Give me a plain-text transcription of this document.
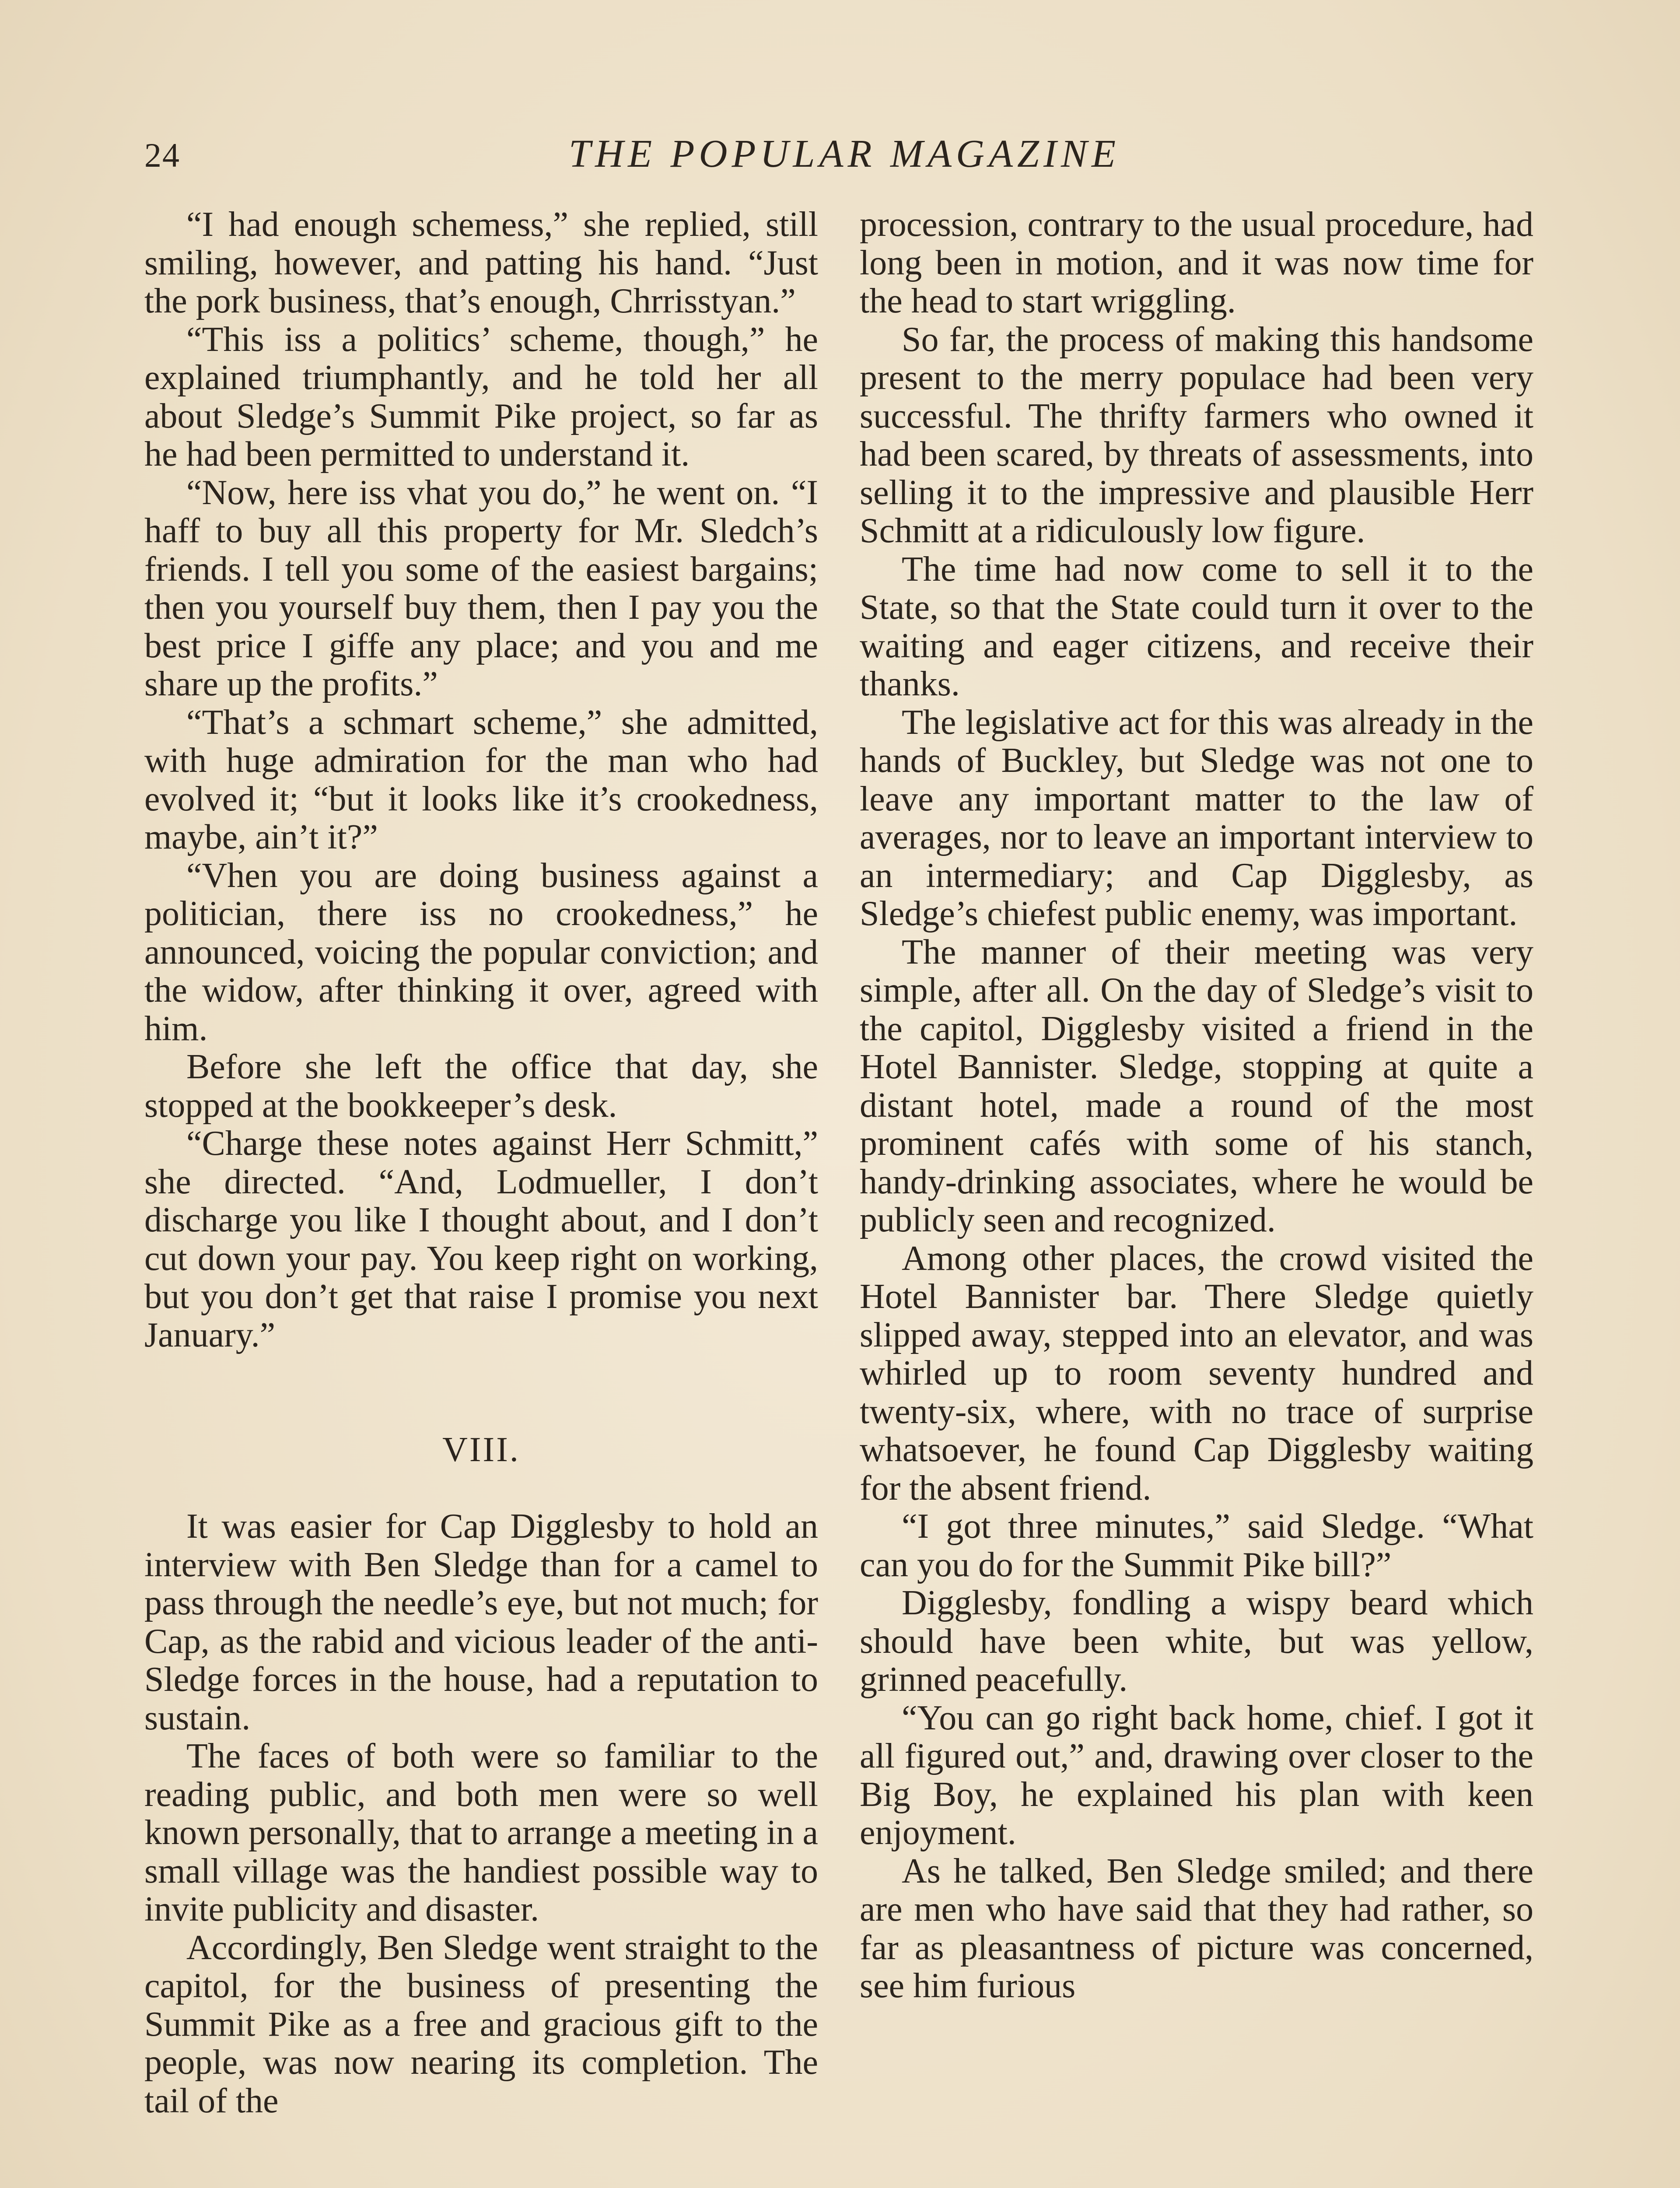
24	THE POPULAR MAGAZINE

“I had enough schemess,” she replied, still smiling, however, and patting his hand. “Just the pork business, that’s enough, Chrrisstyan.”

“This iss a politics’ scheme, though,” he explained triumphantly, and he told her all about Sledge’s Summit Pike project, so far as he had been permitted to understand it.

“Now, here iss vhat you do,” he went on. “I haff to buy all this property for Mr. Sledch’s friends. I tell you some of the easiest bargains; then you yourself buy them, then I pay you the best price I giffe any place; and you and me share up the profits.”

“That’s a schmart scheme,” she admitted, with huge admiration for the man who had evolved it; “but it looks like it’s crookedness, maybe, ain’t it?”

“Vhen you are doing business against a politician, there iss no crookedness,” he announced, voicing the popular conviction; and the widow, after thinking it over, agreed with him.

Before she left the office that day, she stopped at the bookkeeper’s desk.

“Charge these notes against Herr Schmitt,” she directed. “And, Lodmueller, I don’t discharge you like I thought about, and I don’t cut down your pay. You keep right on working, but you don’t get that raise I promise you next January.”

VIII.

It was easier for Cap Digglesby to hold an interview with Ben Sledge than for a camel to pass through the needle’s eye, but not much; for Cap, as the rabid and vicious leader of the anti-Sledge forces in the house, had a reputation to sustain.

The faces of both were so familiar to the reading public, and both men were so well known personally, that to arrange a meeting in a small village was the handiest possible way to invite publicity and disaster.

Accordingly, Ben Sledge went straight to the capitol, for the business of presenting the Summit Pike as a free and gracious gift to the people, was now nearing its completion. The tail of the

procession, contrary to the usual procedure, had long been in motion, and it was now time for the head to start wriggling.

So far, the process of making this handsome present to the merry populace had been very successful. The thrifty farmers who owned it had been scared, by threats of assessments, into selling it to the impressive and plausible Herr Schmitt at a ridiculously low figure.

The time had now come to sell it to the State, so that the State could turn it over to the waiting and eager citizens, and receive their thanks.

The legislative act for this was already in the hands of Buckley, but Sledge was not one to leave any important matter to the law of averages, nor to leave an important interview to an intermediary; and Cap Digglesby, as Sledge’s chiefest public enemy, was important.

The manner of their meeting was very simple, after all. On the day of Sledge’s visit to the capitol, Digglesby visited a friend in the Hotel Bannister. Sledge, stopping at quite a distant hotel, made a round of the most prominent cafés with some of his stanch, handy-drinking associates, where he would be publicly seen and recognized.

Among other places, the crowd visited the Hotel Bannister bar. There Sledge quietly slipped away, stepped into an elevator, and was whirled up to room seventy hundred and twenty-six, where, with no trace of surprise whatsoever, he found Cap Digglesby waiting for the absent friend.

“I got three minutes,” said Sledge. “What can you do for the Summit Pike bill?”

Digglesby, fondling a wispy beard which should have been white, but was yellow, grinned peacefully.

“You can go right back home, chief. I got it all figured out,” and, drawing over closer to the Big Boy, he explained his plan with keen enjoyment.

As he talked, Ben Sledge smiled; and there are men who have said that they had rather, so far as pleasantness of picture was concerned, see him furious
